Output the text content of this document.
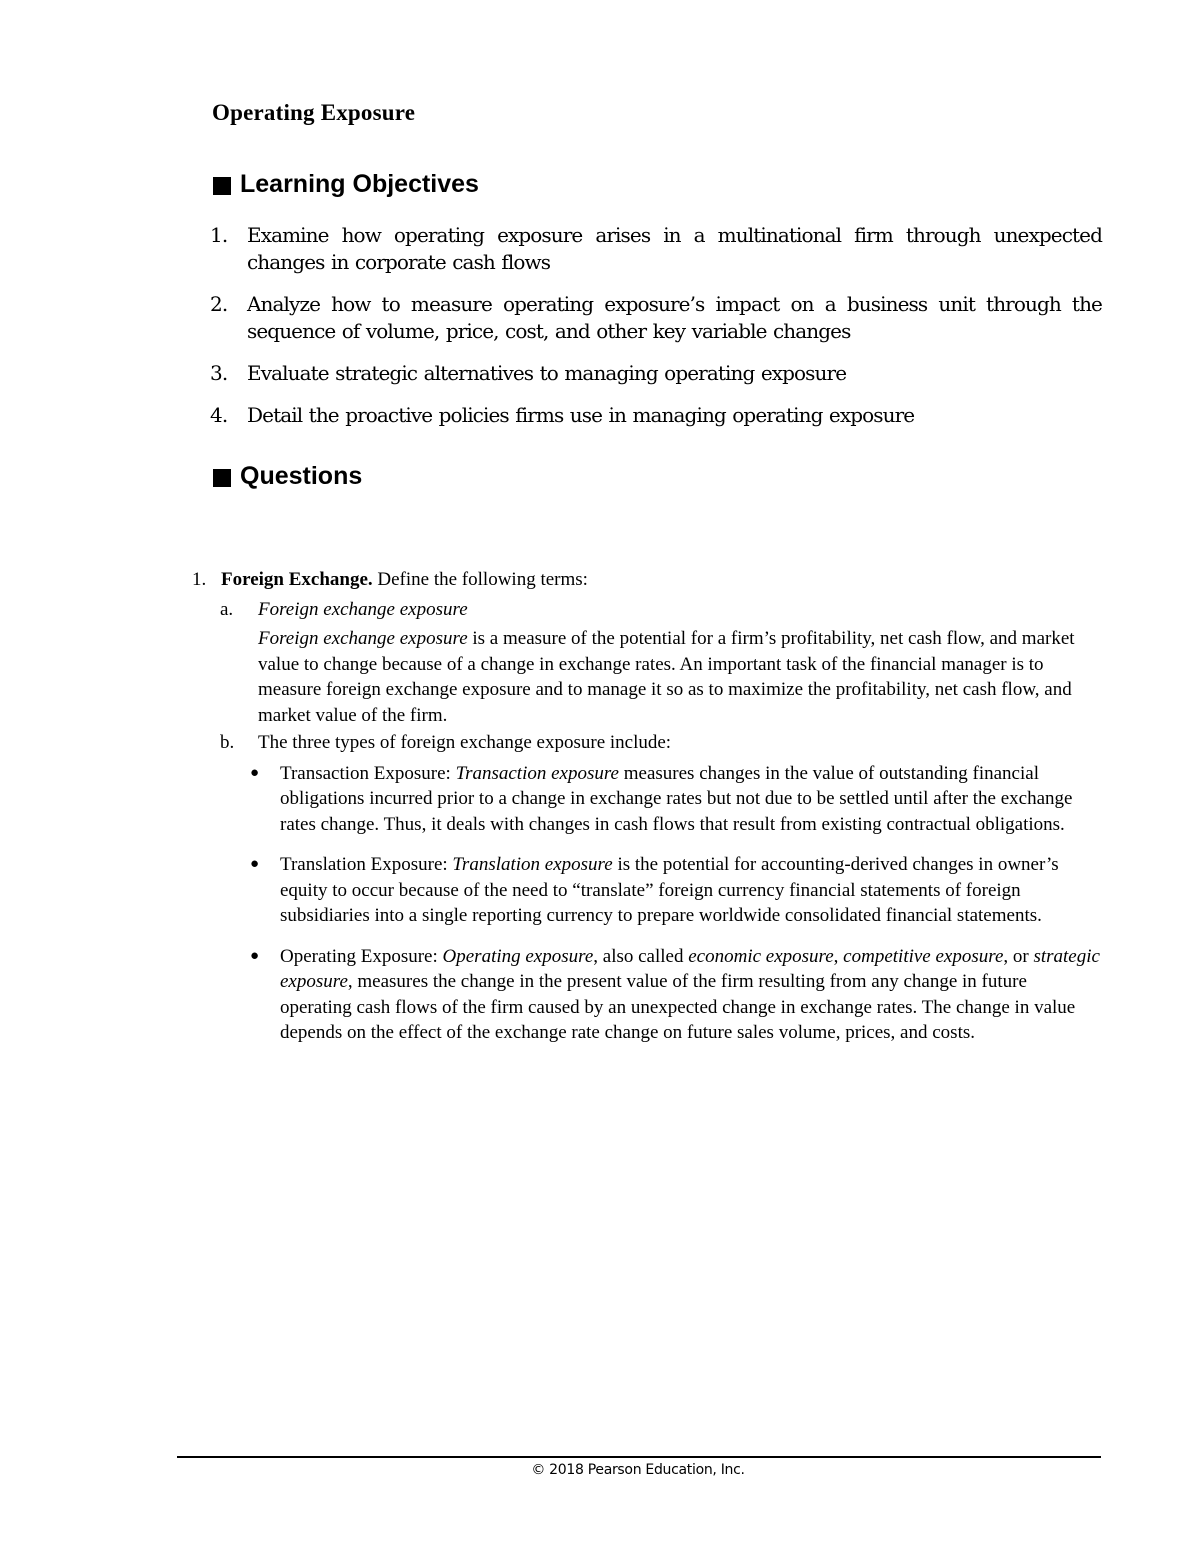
Operating Exposure
Learning Objectives
1. Examine how operating exposure arises in a multinational firm through unexpected changes in corporate cash flows
2. Analyze how to measure operating exposure’s impact on a business unit through the sequence of volume, price, cost, and other key variable changes
3. Evaluate strategic alternatives to managing operating exposure
4. Detail the proactive policies firms use in managing operating exposure
Questions
1. Foreign Exchange. Define the following terms:
a.	Foreign exchange exposure
Foreign exchange exposure is a measure of the potential for a firm’s profitability, net cash flow, and market value to change because of a change in exchange rates. An important task of the financial manager is to measure foreign exchange exposure and to manage it so as to maximize the profitability, net cash flow, and market value of the firm.
b.	The three types of foreign exchange exposure include:
●	Transaction Exposure: Transaction exposure measures changes in the value of outstanding financial obligations incurred prior to a change in exchange rates but not due to be settled until after the exchange rates change. Thus, it deals with changes in cash flows that result from existing contractual obligations.
●	Translation Exposure: Translation exposure is the potential for accounting-derived changes in owner’s equity to occur because of the need to “translate” foreign currency financial statements of foreign subsidiaries into a single reporting currency to prepare worldwide consolidated financial statements.
●	Operating Exposure: Operating exposure, also called economic exposure, competitive exposure, or strategic exposure, measures the change in the present value of the firm resulting from any change in future operating cash flows of the firm caused by an unexpected change in exchange rates. The change in value depends on the effect of the exchange rate change on future sales volume, prices, and costs.
© 2018 Pearson Education, Inc.
